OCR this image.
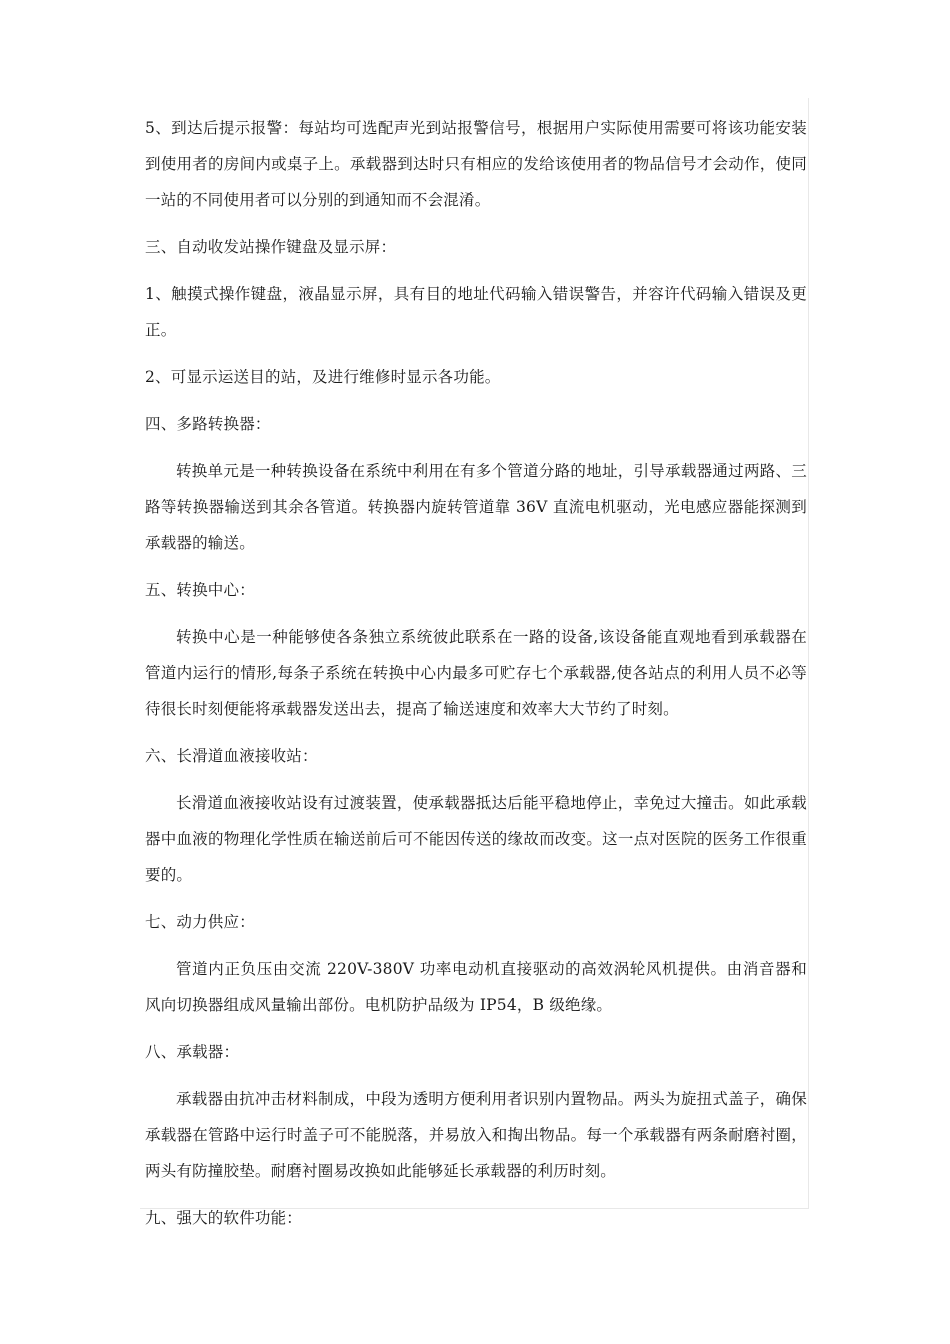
5、到达后提示报警：每站均可选配声光到站报警信号，根据用户实际使用需要可将该功能安装到使用者的房间内或桌子上。承载器到达时只有相应的发给该使用者的物品信号才会动作，使同一站的不同使用者可以分别的到通知而不会混淆。

三、自动收发站操作键盘及显示屏：

1、触摸式操作键盘，液晶显示屏，具有目的地址代码输入错误警告，并容许代码输入错误及更正。

2、可显示运送目的站，及进行维修时显示各功能。

四、多路转换器：

转换单元是一种转换设备在系统中利用在有多个管道分路的地址，引导承载器通过两路、三路等转换器输送到其余各管道。转换器内旋转管道靠 36V 直流电机驱动，光电感应器能探测到承载器的输送。

五、转换中心：

转换中心是一种能够使各条独立系统彼此联系在一路的设备,该设备能直观地看到承载器在管道内运行的情形,每条子系统在转换中心内最多可贮存七个承载器,使各站点的利用人员不必等待很长时刻便能将承载器发送出去，提高了输送速度和效率大大节约了时刻。

六、长滑道血液接收站：

长滑道血液接收站设有过渡装置，使承载器抵达后能平稳地停止，幸免过大撞击。如此承载器中血液的物理化学性质在输送前后可不能因传送的缘故而改变。这一点对医院的医务工作很重要的。

七、动力供应：

管道内正负压由交流 220V-380V 功率电动机直接驱动的高效涡轮风机提供。由消音器和风向切换器组成风量输出部份。电机防护品级为 IP54，B 级绝缘。

八、承载器：

承载器由抗冲击材料制成，中段为透明方便利用者识别内置物品。两头为旋扭式盖子，确保承载器在管路中运行时盖子可不能脱落，并易放入和掏出物品。每一个承载器有两条耐磨衬圈，两头有防撞胶垫。耐磨衬圈易改换如此能够延长承载器的利历时刻。

九、强大的软件功能：
